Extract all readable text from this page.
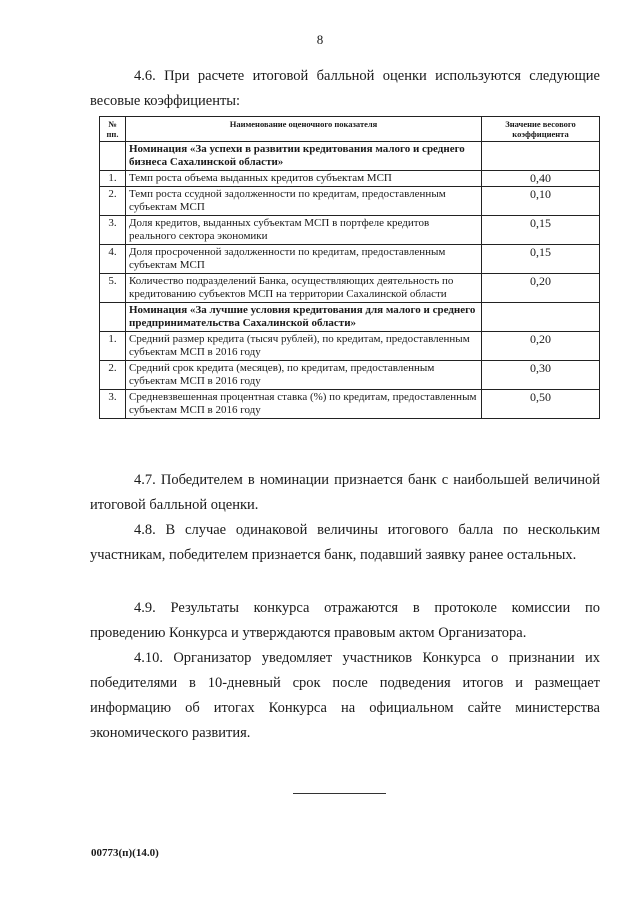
8

4.6. При расчете итоговой балльной оценки используются следующие весовые коэффициенты:

№ пп.	Наименование оценочного показателя	Значение весового коэффициента
	Номинация «За успехи в развитии кредитования малого и среднего бизнеса Сахалинской области»	
1.	Темп роста объема выданных кредитов субъектам МСП	0,40
2.	Темп роста ссудной задолженности по кредитам, предоставленным субъектам МСП	0,10
3.	Доля кредитов, выданных субъектам МСП в портфеле кредитов реального сектора экономики	0,15
4.	Доля просроченной задолженности по кредитам, предоставленным субъектам МСП	0,15
5.	Количество подразделений Банка, осуществляющих деятельность по кредитованию субъектов МСП на территории Сахалинской области	0,20
	Номинация «За лучшие условия кредитования для малого и среднего предпринимательства Сахалинской области»	
1.	Средний размер кредита (тысяч рублей), по кредитам, предоставленным субъектам МСП в 2016 году	0,20
2.	Средний срок кредита (месяцев), по кредитам, предоставленным субъектам МСП в 2016 году	0,30
3.	Средневзвешенная процентная ставка (%) по кредитам, предоставленным субъектам МСП в 2016 году	0,50

4.7. Победителем в номинации признается банк с наибольшей величиной итоговой балльной оценки.

4.8. В случае одинаковой величины итогового балла по нескольким участникам, победителем признается банк, подавший заявку ранее остальных.

4.9. Результаты конкурса отражаются в протоколе комиссии по проведению Конкурса и утверждаются правовым актом Организатора.

4.10. Организатор уведомляет участников Конкурса о признании их победителями в 10-дневный срок после подведения итогов и размещает информацию об итогах Конкурса на официальном сайте министерства экономического развития.

00773(п)(14.0)
